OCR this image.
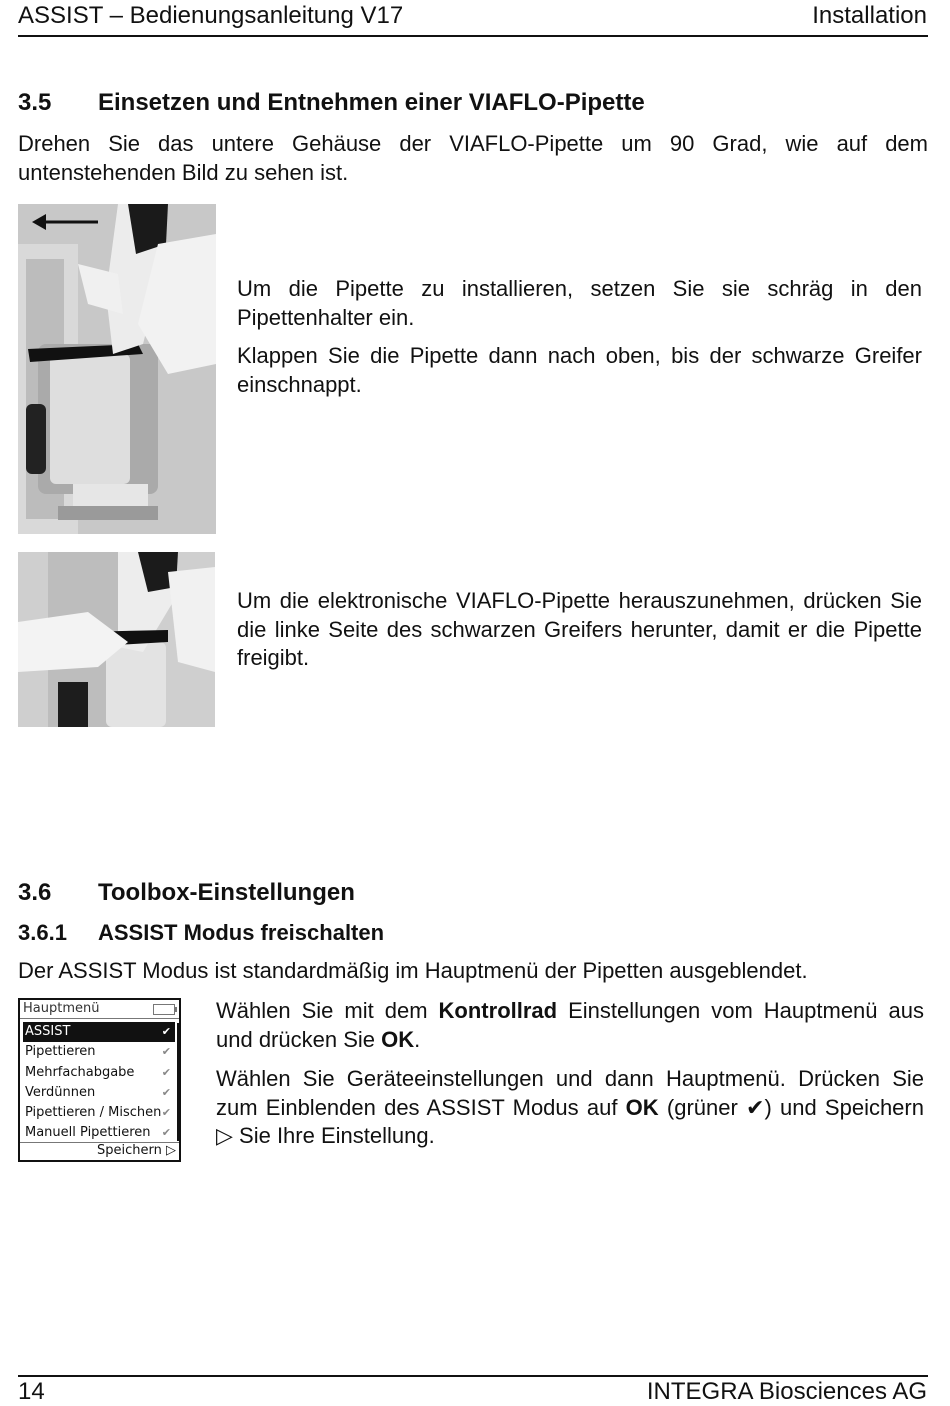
ASSIST – Bedienungsanleitung V17	Installation
3.5 Einsetzen und Entnehmen einer VIAFLO-Pipette
Drehen Sie das untere Gehäuse der VIAFLO-Pipette um 90 Grad, wie auf dem untenstehenden Bild zu sehen ist.
Um die Pipette zu installieren, setzen Sie sie schräg in den Pipettenhalter ein.
Klappen Sie die Pipette dann nach oben, bis der schwarze Greifer einschnappt.
Um die elektronische VIAFLO-Pipette herauszunehmen, drücken Sie die linke Seite des schwarzen Greifers herunter, damit er die Pipette freigibt.
3.6 Toolbox-Einstellungen
3.6.1 ASSIST Modus freischalten
Der ASSIST Modus ist standardmäßig im Hauptmenü der Pipetten ausgeblendet.
Hauptmenü
ASSIST	✔
Pipettieren	✔
Mehrfachabgabe ✔
Verdünnen	✔
Pipettieren / Mischen ✔
Manuell Pipettieren ✔
Speichern ▷
Wählen Sie mit dem Kontrollrad Einstellungen vom Hauptmenü aus und drücken Sie OK.
Wählen Sie Geräteeinstellungen und dann Hauptmenü. Drücken Sie zum Einblenden des ASSIST Modus auf OK (grüner ✔) und Speichern ▷ Sie Ihre Einstellung.
14	INTEGRA Biosciences AG
